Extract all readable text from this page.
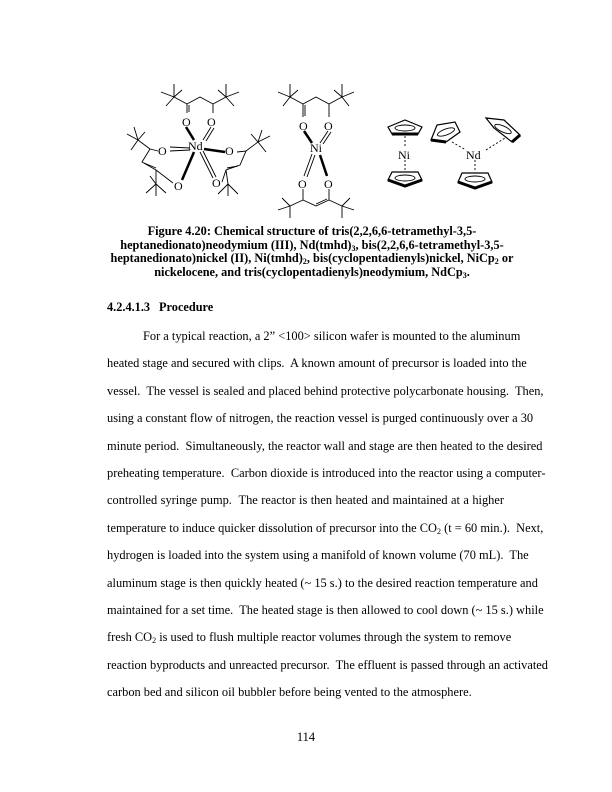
O O
Nd
O	O
O O
O O
Ni
O O
Ni	Nd
Figure 4.20: Chemical structure of tris(2,2,6,6-tetramethyl-3,5-
heptanedionato)neodymium (III), $Nd(tmhd)_3$, bis(2,2,6,6-tetramethyl-3,5-
heptanedionato)nickel (II), $Ni(tmhd)_2$, bis(cyclopentadienyls)nickel, NiCp$_2$ or
nickelocene, and tris(cyclopentadienyls)neodymium, NdCp$_3$.
4.2.4.1.3 Procedure
For a typical reaction, a 2” <100> silicon wafer is mounted to the aluminum
heated stage and secured with clips.  A known amount of precursor is loaded into the
vessel.  The vessel is sealed and placed behind protective polycarbonate housing.  Then,
using a constant flow of nitrogen, the reaction vessel is purged continuously over a 30
minute period.  Simultaneously, the reactor wall and stage are then heated to the desired
preheating temperature.  Carbon dioxide is introduced into the reactor using a computer-
controlled syringe pump.  The reactor is then heated and maintained at a higher
temperature to induce quicker dissolution of precursor into the $CO_2$ (t = 60 min.).  Next,
hydrogen is loaded into the system using a manifold of known volume (70 mL).  The
aluminum stage is then quickly heated (~ 15 s.) to the desired reaction temperature and
maintained for a set time.  The heated stage is then allowed to cool down (~ 15 s.) while
fresh $CO_2$ is used to flush multiple reactor volumes through the system to remove
reaction byproducts and unreacted precursor.  The effluent is passed through an activated
carbon bed and silicon oil bubbler before being vented to the atmosphere.
114
